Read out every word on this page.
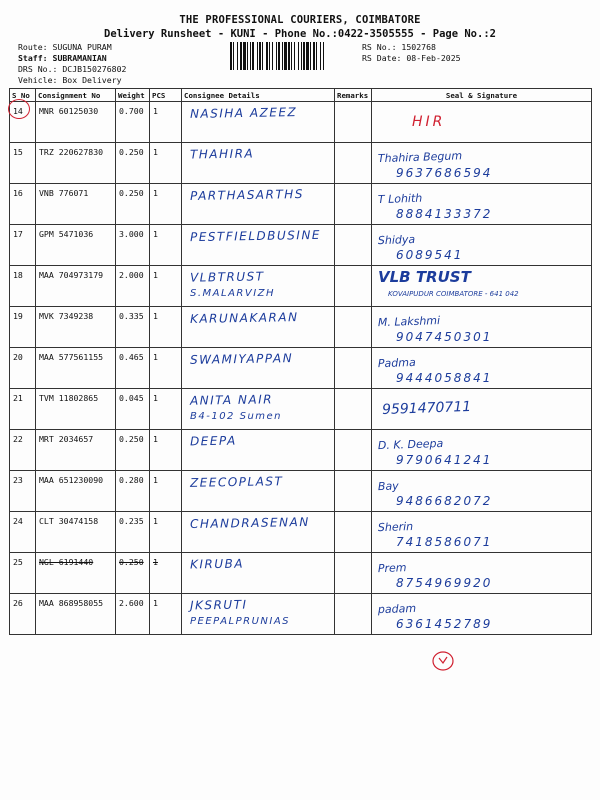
THE PROFESSIONAL COURIERS, COIMBATORE
Delivery Runsheet - KUNI - Phone No.:0422-3505555 - Page No.:2
Route: SUGUNA PURAM
Staff: SUBRAMANIAN
DRS No.: DCJB150276802
Vehicle: Box Delivery
RS No.: 1502768
RS Date: 08-Feb-2025
S No	Consignment No	Weight	PCS	Consignee Details	Remarks	Seal & Signature

14	MNR 60125030	0.700	1	NASIHA AZEEZ		HIR

15	TRZ 220627830	0.250	1	THAHIRA		Thahira Begum
9637686594

16	VNB 776071	0.250	1	PARTHASARTHS		T Lohith
8884133372

17	GPM 5471036	3.000	1	PESTFIELDBUSINE		Shidya
6089541

18	MAA 704973179	2.000	1	VLBTRUST
S.MALARVIZH		VLB TRUST
KOVAIPUDUR COIMBATORE - 641 042

19	MVK 7349238	0.335	1	KARUNAKARAN		M. Lakshmi
9047450301

20	MAA 577561155	0.465	1	SWAMIYAPPAN		Padma
9444058841

21	TVM 11802865	0.045	1	ANITA NAIR
B4-102 Sumen		9591470711

22	MRT 2034657	0.250	1	DEEPA		D. K. Deepa
9790641241

23	MAA 651230090	0.280	1	ZEECOPLAST		Bay
9486682072

24	CLT 30474158	0.235	1	CHANDRASENAN		Sherin
7418586071

25	NGL 6191440	0.250	1	KIRUBA		Prem
8754969920

26	MAA 868958055	2.600	1	JKSRUTI
PEEPALPRUNIAS		padam
6361452789
